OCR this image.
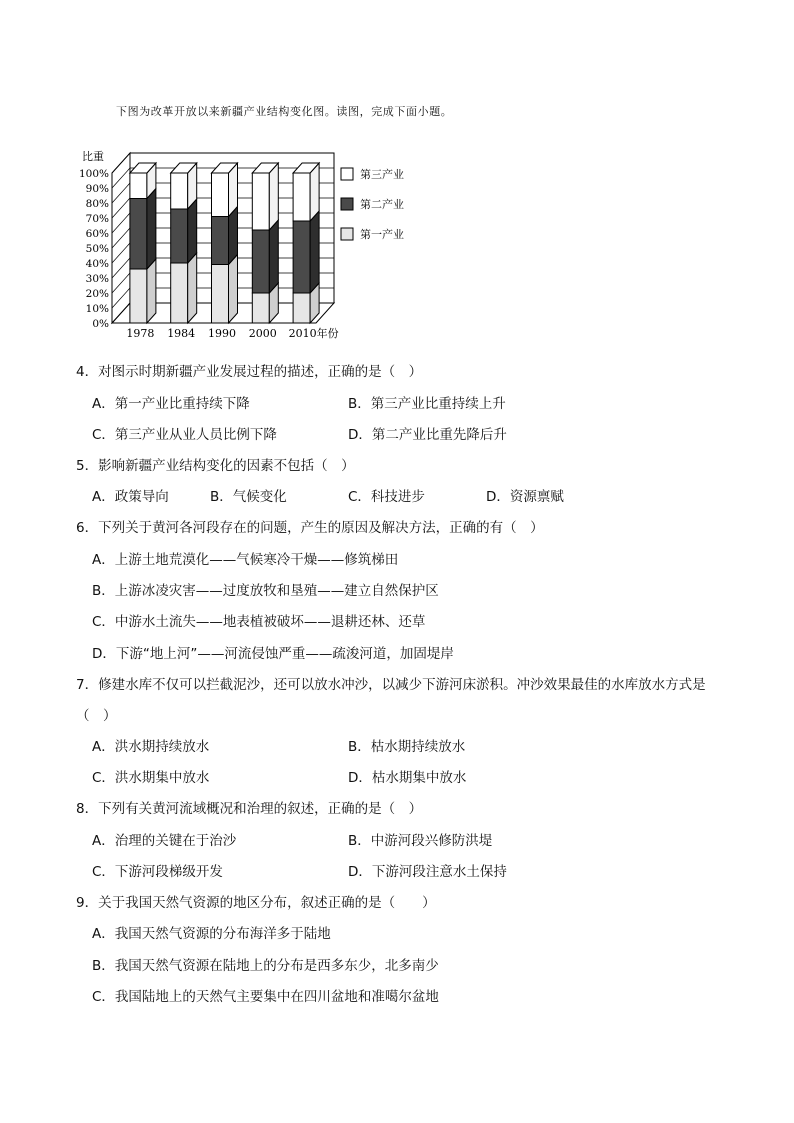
下图为改革开放以来新疆产业结构变化图。读图，完成下面小题。
0%
10%
20%
30%
40%
50%
60%
70%
80%
90%
100%
比重
1978 1984 1990 2000 2010年份
第三产业
第二产业
第一产业
4．对图示时期新疆产业发展过程的描述，正确的是（　）
A．第一产业比重持续下降	B．第三产业比重持续上升
C．第三产业从业人员比例下降	D．第二产业比重先降后升
5．影响新疆产业结构变化的因素不包括（　）
A．政策导向	B．气候变化	C．科技进步	D．资源禀赋
6．下列关于黄河各河段存在的问题，产生的原因及解决方法，正确的有（　）
A．上游土地荒漠化——气候寒冷干燥——修筑梯田
B．上游冰凌灾害——过度放牧和垦殖——建立自然保护区
C．中游水土流失——地表植被破坏——退耕还林、还草
D．下游“地上河”——河流侵蚀严重——疏浚河道，加固堤岸
7．修建水库不仅可以拦截泥沙，还可以放水冲沙，以减少下游河床淤积。冲沙效果最佳的水库放水方式是
（　）
A．洪水期持续放水	B．枯水期持续放水
C．洪水期集中放水	D．枯水期集中放水
8．下列有关黄河流域概况和治理的叙述，正确的是（　）
A．治理的关键在于治沙	B．中游河段兴修防洪堤
C．下游河段梯级开发	D．下游河段注意水土保持
9．关于我国天然气资源的地区分布，叙述正确的是（　　）
A．我国天然气资源的分布海洋多于陆地
B．我国天然气资源在陆地上的分布是西多东少，北多南少
C．我国陆地上的天然气主要集中在四川盆地和准噶尔盆地
